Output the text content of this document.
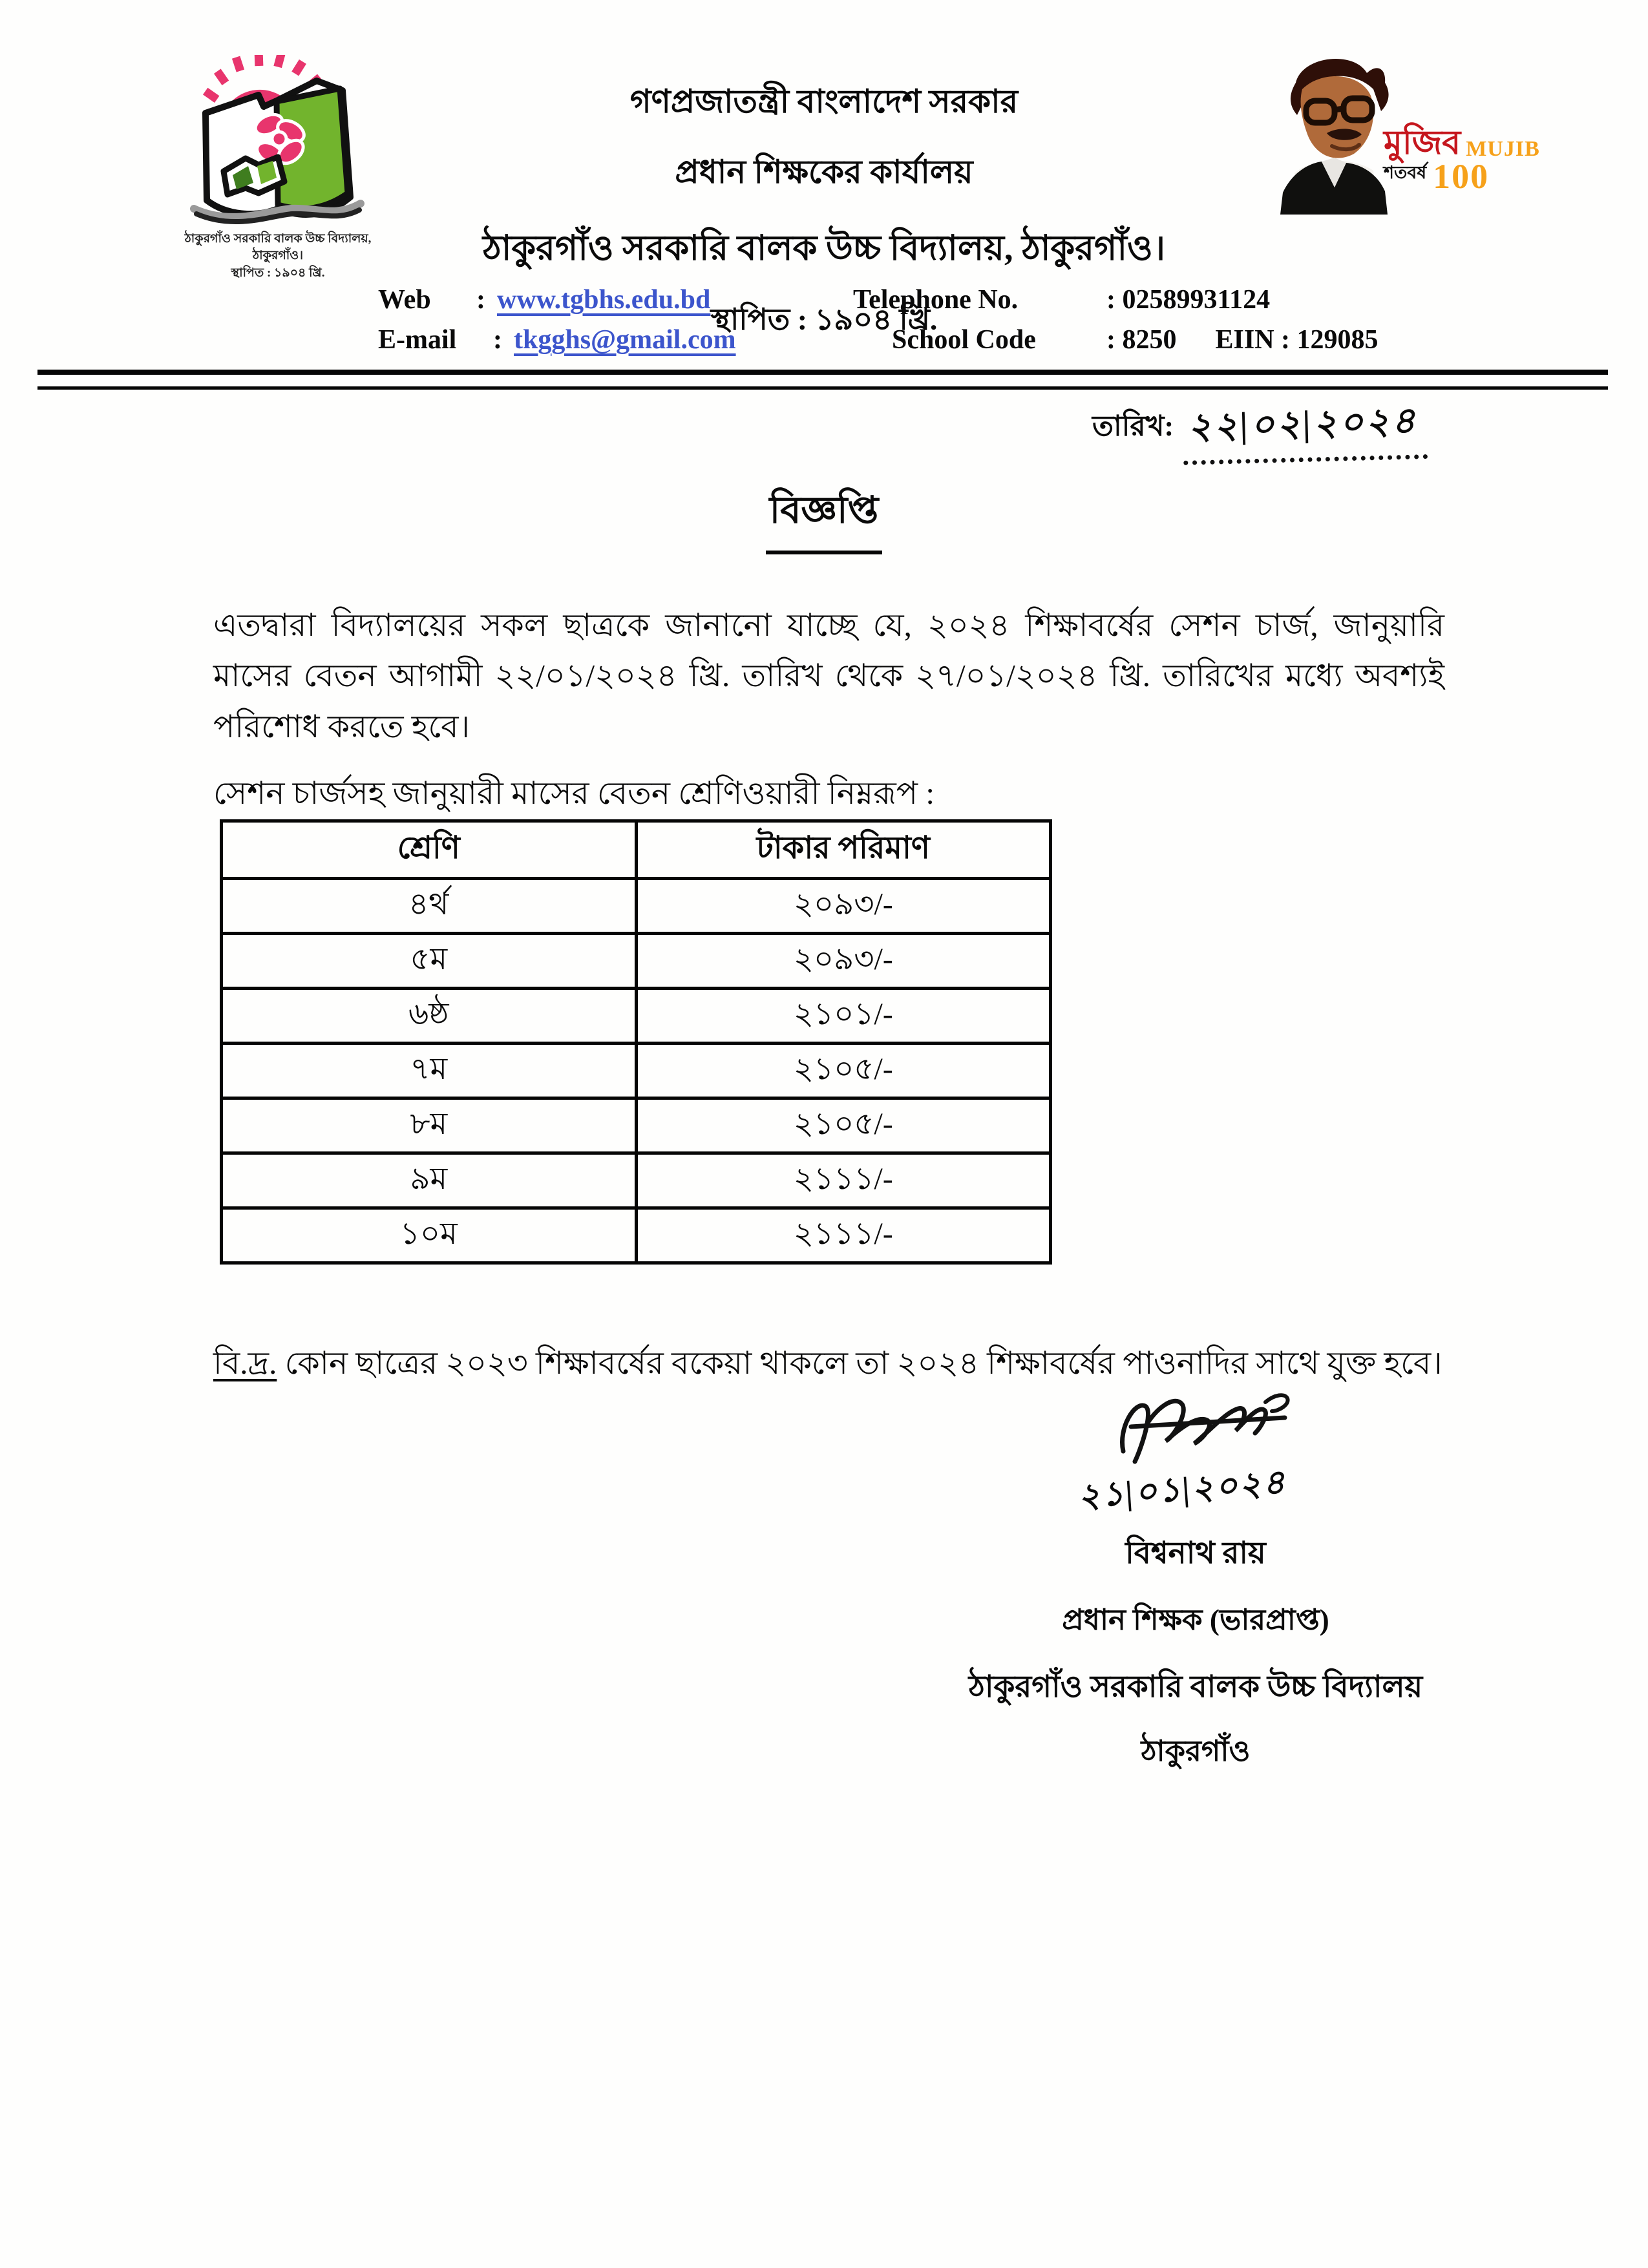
ঠাকুরগাঁও সরকারি বালক উচ্চ বিদ্যালয়, ঠাকুরগাঁও।
স্থাপিত : ১৯০৪ খ্রি.
গণপ্রজাতন্ত্রী বাংলাদেশ সরকার
প্রধান শিক্ষকের কার্যালয়
ঠাকুরগাঁও সরকারি বালক উচ্চ বিদ্যালয়, ঠাকুরগাঁও।
স্থাপিত : ১৯০৪ খ্রি.
মুজিব MUJIB
শতবর্ষ 100
Web	: www.tgbhs.edu.bd	Telephone No.	: 02589931124
E-mail	: tkgghs@gmail.com	School Code	: 8250 EIIN : 129085
তারিখ: ২২|০২|২০২৪
বিজ্ঞপ্তি

এতদ্বারা বিদ্যালয়ের সকল ছাত্রকে জানানো যাচ্ছে যে, ২০২৪ শিক্ষাবর্ষের সেশন চার্জ, জানুয়ারি মাসের বেতন আগামী ২২/০১/২০২৪ খ্রি. তারিখ থেকে ২৭/০১/২০২৪ খ্রি. তারিখের মধ্যে অবশ্যই পরিশোধ করতে হবে।

সেশন চার্জসহ জানুয়ারী মাসের বেতন শ্রেণিওয়ারী নিম্নরূপ :
শ্রেণি	টাকার পরিমাণ
৪র্থ	২০৯৩/-
৫ম	২০৯৩/-
৬ষ্ঠ	২১০১/-
৭ম	২১০৫/-
৮ম	২১০৫/-
৯ম	২১১১/-
১০ম	২১১১/-

বি.দ্র. কোন ছাত্রের ২০২৩ শিক্ষাবর্ষের বকেয়া থাকলে তা ২০২৪ শিক্ষাবর্ষের পাওনাদির সাথে যুক্ত হবে।

২১|০১|২০২৪
বিশ্বনাথ রায়
প্রধান শিক্ষক (ভারপ্রাপ্ত)
ঠাকুরগাঁও সরকারি বালক উচ্চ বিদ্যালয়
ঠাকুরগাঁও
